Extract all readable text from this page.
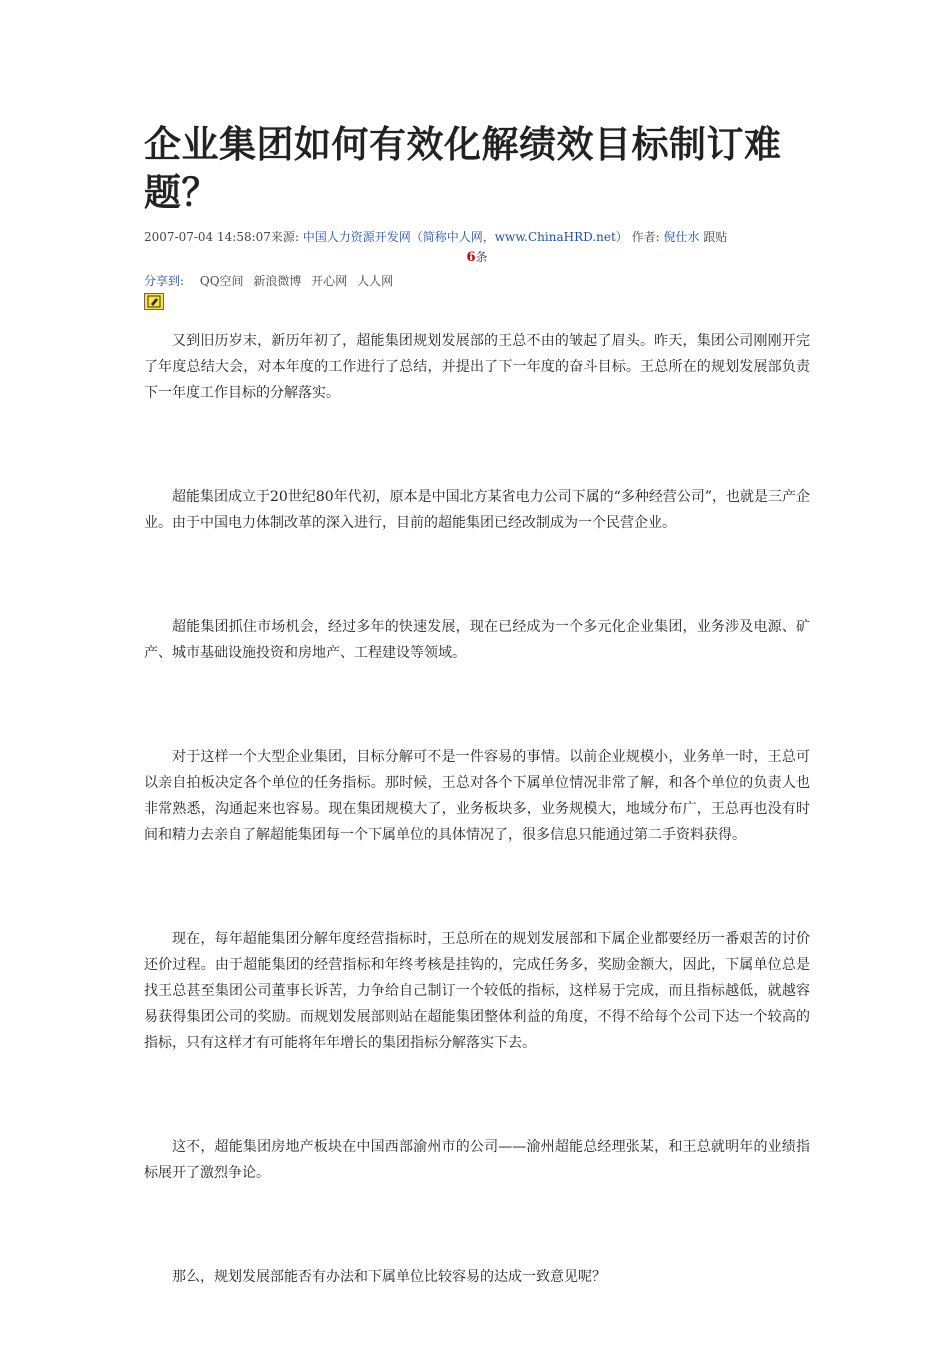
企业集团如何有效化解绩效目标制订难题？
2007-07-04 14:58:07来源: 中国人力资源开发网（简称中人网，www.ChinaHRD.net） 作者: 倪仕水 跟贴
6条
分享到: QQ空间 新浪微博 开心网 人人网

又到旧历岁末，新历年初了，超能集团规划发展部的王总不由的皱起了眉头。昨天，集团公司刚刚开完了年度总结大会，对本年度的工作进行了总结，并提出了下一年度的奋斗目标。王总所在的规划发展部负责下一年度工作目标的分解落实。

超能集团成立于20世纪80年代初，原本是中国北方某省电力公司下属的“多种经营公司”，也就是三产企业。由于中国电力体制改革的深入进行，目前的超能集团已经改制成为一个民营企业。

超能集团抓住市场机会，经过多年的快速发展，现在已经成为一个多元化企业集团，业务涉及电源、矿产、城市基础设施投资和房地产、工程建设等领域。

对于这样一个大型企业集团，目标分解可不是一件容易的事情。以前企业规模小，业务单一时，王总可以亲自拍板决定各个单位的任务指标。那时候，王总对各个下属单位情况非常了解，和各个单位的负责人也非常熟悉，沟通起来也容易。现在集团规模大了，业务板块多，业务规模大，地域分布广，王总再也没有时间和精力去亲自了解超能集团每一个下属单位的具体情况了，很多信息只能通过第二手资料获得。

现在，每年超能集团分解年度经营指标时，王总所在的规划发展部和下属企业都要经历一番艰苦的讨价还价过程。由于超能集团的经营指标和年终考核是挂钩的，完成任务多，奖励金额大，因此，下属单位总是找王总甚至集团公司董事长诉苦，力争给自己制订一个较低的指标，这样易于完成，而且指标越低，就越容易获得集团公司的奖励。而规划发展部则站在超能集团整体利益的角度，不得不给每个公司下达一个较高的指标，只有这样才有可能将年年增长的集团指标分解落实下去。

这不，超能集团房地产板块在中国西部渝州市的公司——渝州超能总经理张某，和王总就明年的业绩指标展开了激烈争论。

那么，规划发展部能否有办法和下属单位比较容易的达成一致意见呢？
